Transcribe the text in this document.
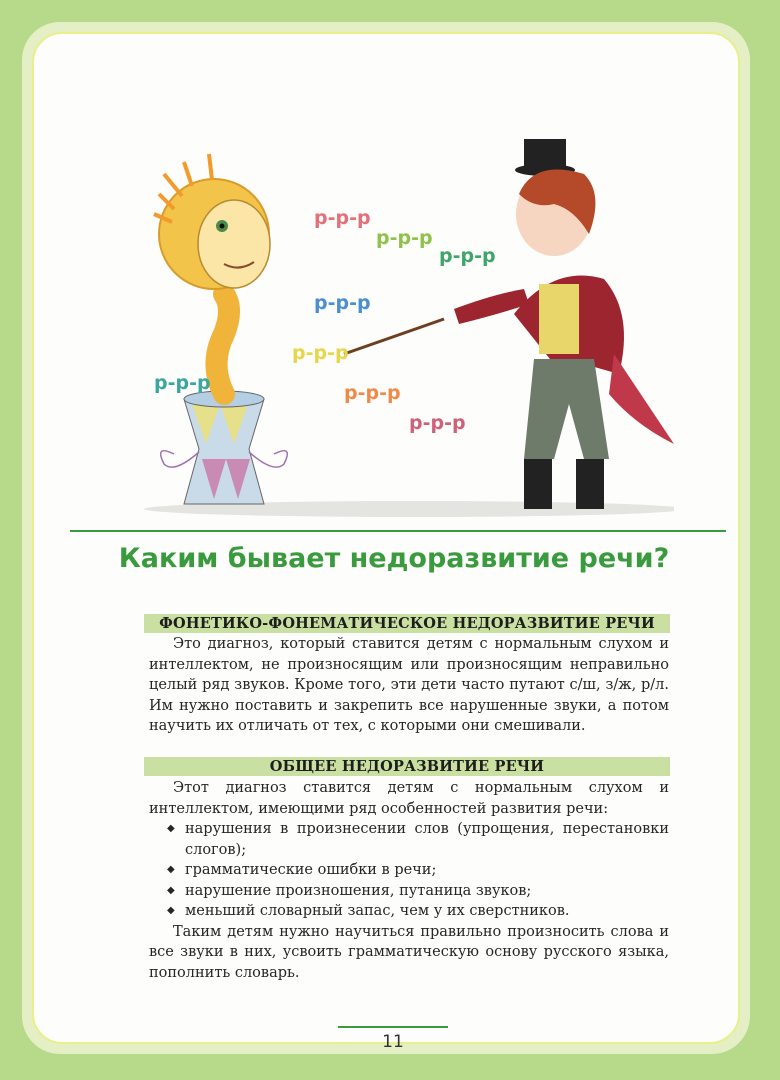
р-р-р
р-р-р
р-р-р
р-р-р
р-р-р
р-р-р	р-р-р
р-р-р
Каким бывает недоразвитие речи?
ФОНЕТИКО-ФОНЕМАТИЧЕСКОЕ НЕДОРАЗВИТИЕ РЕЧИ

Это диагноз, который ставится детям с нормальным слухом и интеллектом, не произносящим или произносящим неправильно целый ряд звуков. Кроме того, эти дети часто путают с/ш, з/ж, р/л. Им нужно поставить и закрепить все нарушенные звуки, а потом научить их отличать от тех, с которыми они смешивали.

ОБЩЕЕ НЕДОРАЗВИТИЕ РЕЧИ

Этот диагноз ставится детям с нормальным слухом и интеллектом, имеющими ряд особенностей развития речи:

◆ нарушения в произнесении слов (упрощения, перестановки слогов);
◆ грамматические ошибки в речи;
◆ нарушение произношения, путаница звуков;
◆ меньший словарный запас, чем у их сверстников.

Таким детям нужно научиться правильно произносить слова и все звуки в них, усвоить грамматическую основу русского языка, пополнить словарь.

11
